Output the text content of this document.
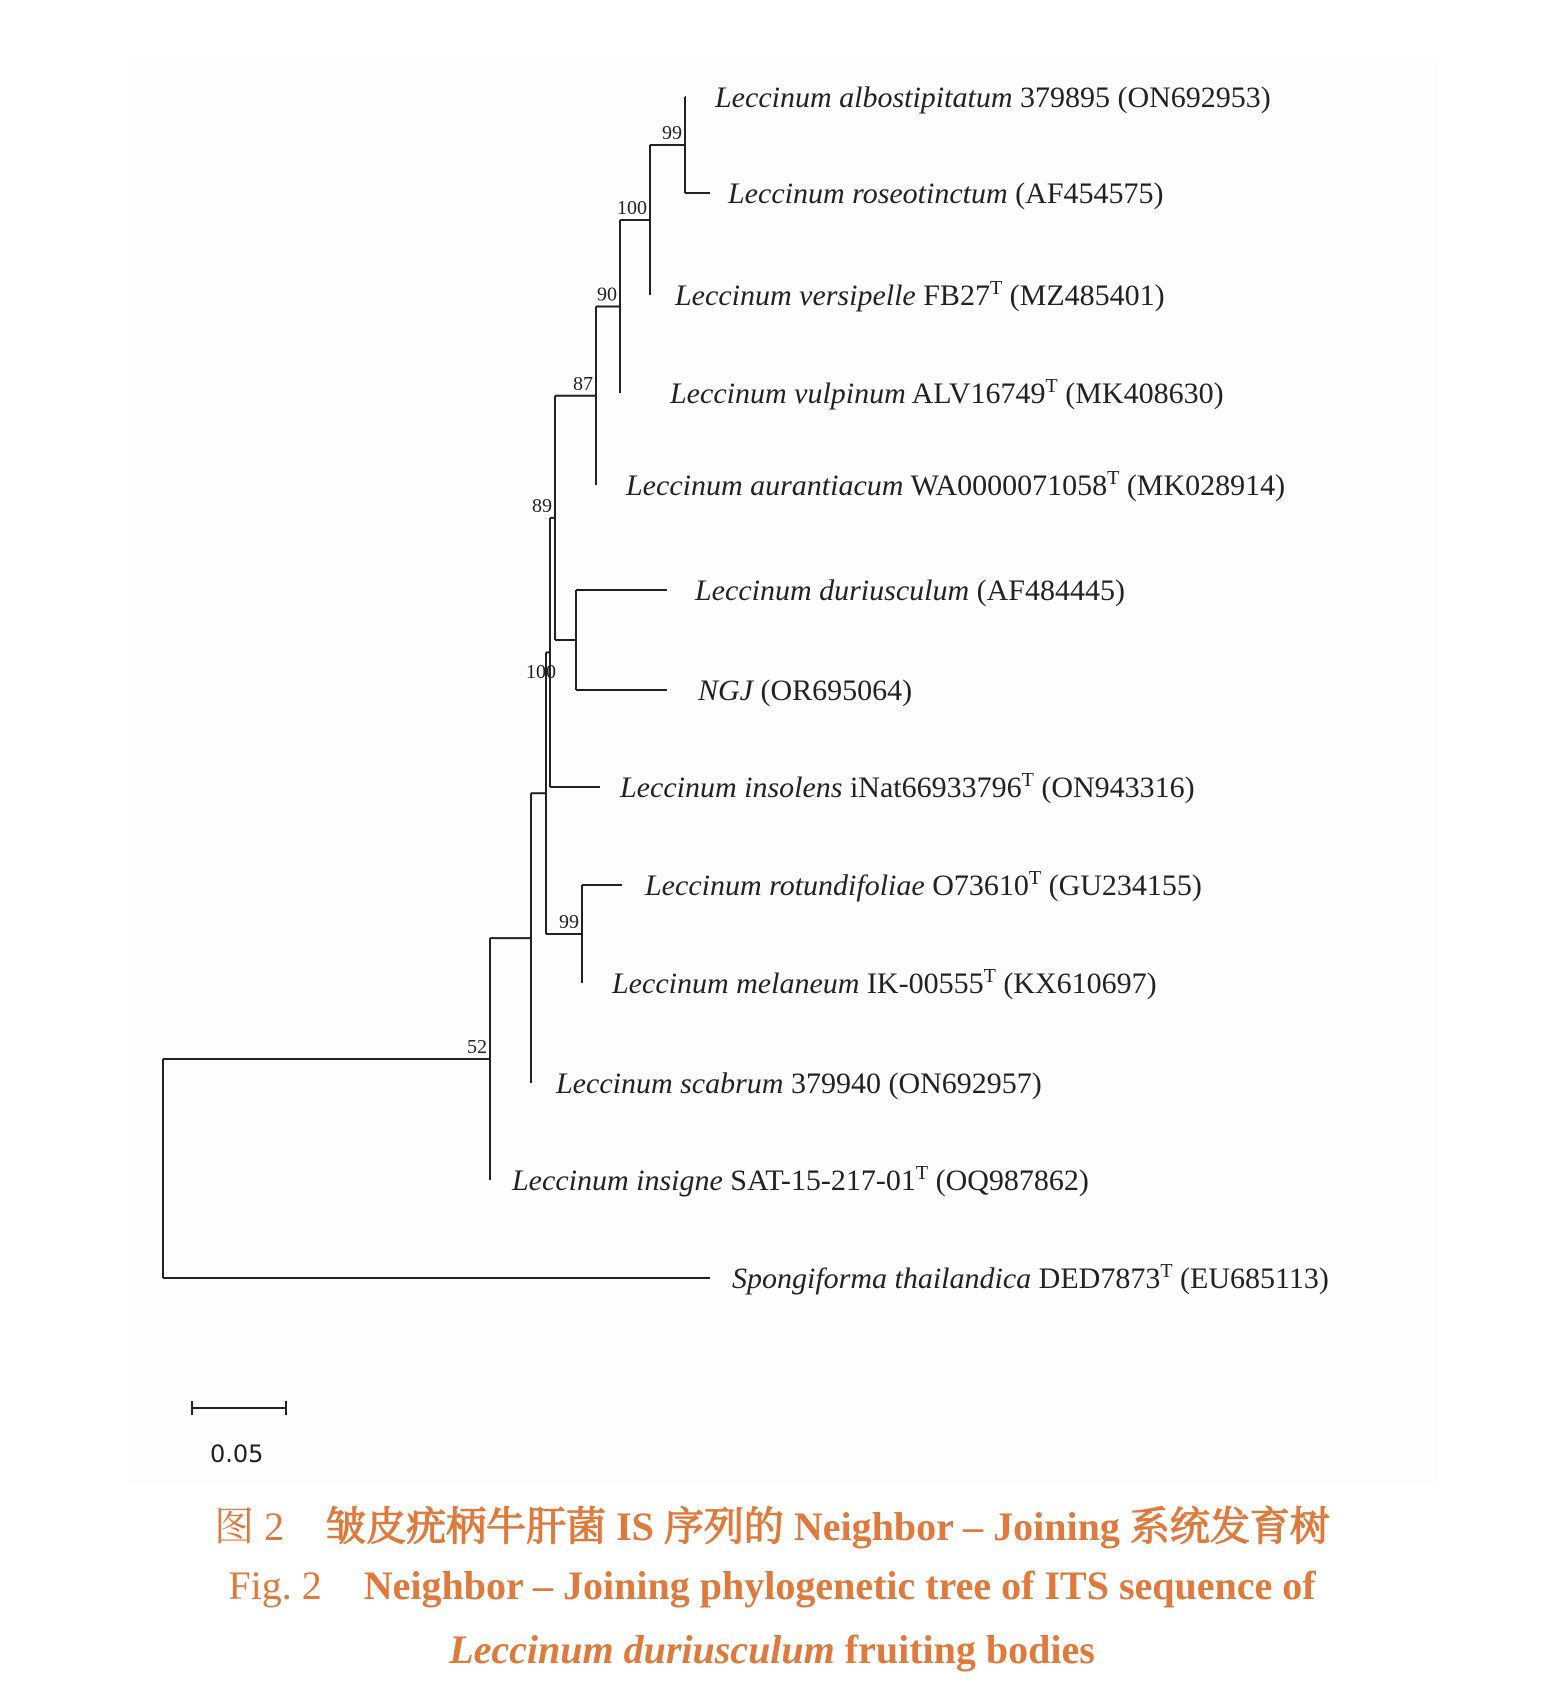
Leccinum albostipitatum 379895 (ON692953)
Leccinum roseotinctum (AF454575)
Leccinum versipelle $FB27^T$ (MZ485401)
Leccinum vulpinum $ALV16749^T$ (MK408630)
Leccinum aurantiacum $WA0000071058^T$ (MK028914)
Leccinum duriusculum (AF484445)
NGJ (OR695064)
Leccinum insolens $iNat66933796^T$ (ON943316)
Leccinum rotundifoliae $O73610^T$ (GU234155)
Leccinum melaneum $IK-00555^T$ (KX610697)
Leccinum scabrum 379940 (ON692957)
Leccinum insigne SAT-$15-217-01^T$ (OQ987862)
Spongiforma thailandica $DED7873^T$ (EU685113)
99
100
90
87
100
89
99
52
0.05
图 2 皱皮疣柄牛肝菌 IS 序列的 Neighbor – Joining 系统发育树
Fig. 2 Neighbor – Joining phylogenetic tree of ITS sequence of
Leccinum duriusculum fruiting bodies
